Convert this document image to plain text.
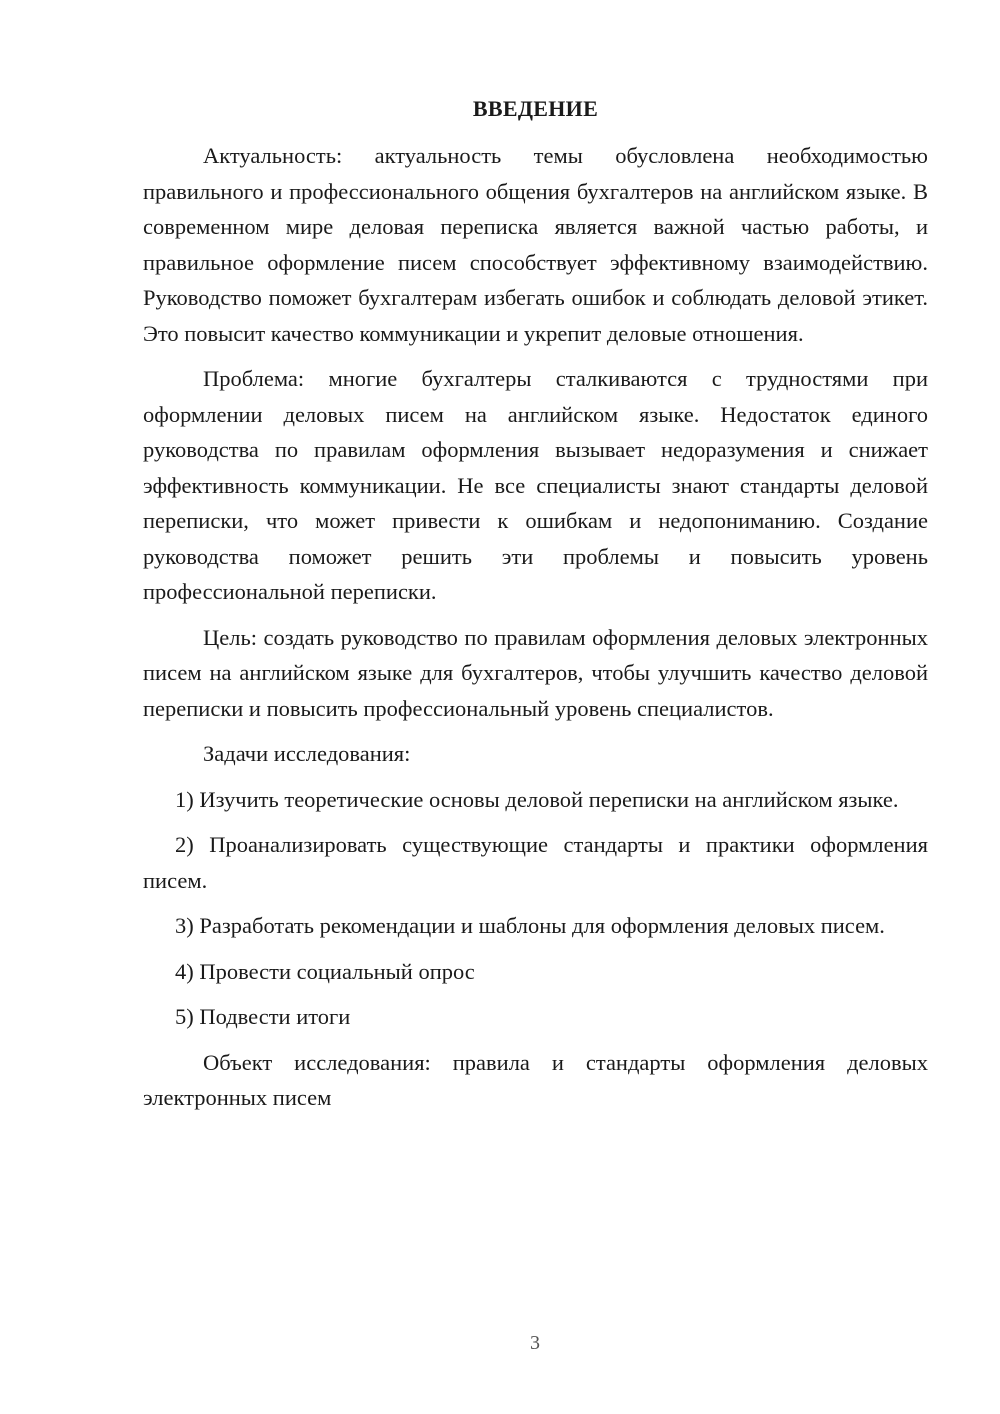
ВВЕДЕНИЕ

Актуальность: актуальность темы обусловлена необходимостью правильного и профессионального общения бухгалтеров на английском языке. В современном мире деловая переписка является важной частью работы, и правильное оформление писем способствует эффективному взаимодействию. Руководство поможет бухгалтерам избегать ошибок и соблюдать деловой этикет. Это повысит качество коммуникации и укрепит деловые отношения.

Проблема: многие бухгалтеры сталкиваются с трудностями при оформлении деловых писем на английском языке. Недостаток единого руководства по правилам оформления вызывает недоразумения и снижает эффективность коммуникации. Не все специалисты знают стандарты деловой переписки, что может привести к ошибкам и недопониманию. Создание руководства поможет решить эти проблемы и повысить уровень профессиональной переписки.

Цель: создать руководство по правилам оформления деловых электронных писем на английском языке для бухгалтеров, чтобы улучшить качество деловой переписки и повысить профессиональный уровень специалистов.

Задачи исследования:

1) Изучить теоретические основы деловой переписки на английском языке.

2) Проанализировать существующие стандарты и практики оформления писем.

3) Разработать рекомендации и шаблоны для оформления деловых писем.

4) Провести социальный опрос

5) Подвести итоги

Объект исследования: правила и стандарты оформления деловых электронных писем

3
